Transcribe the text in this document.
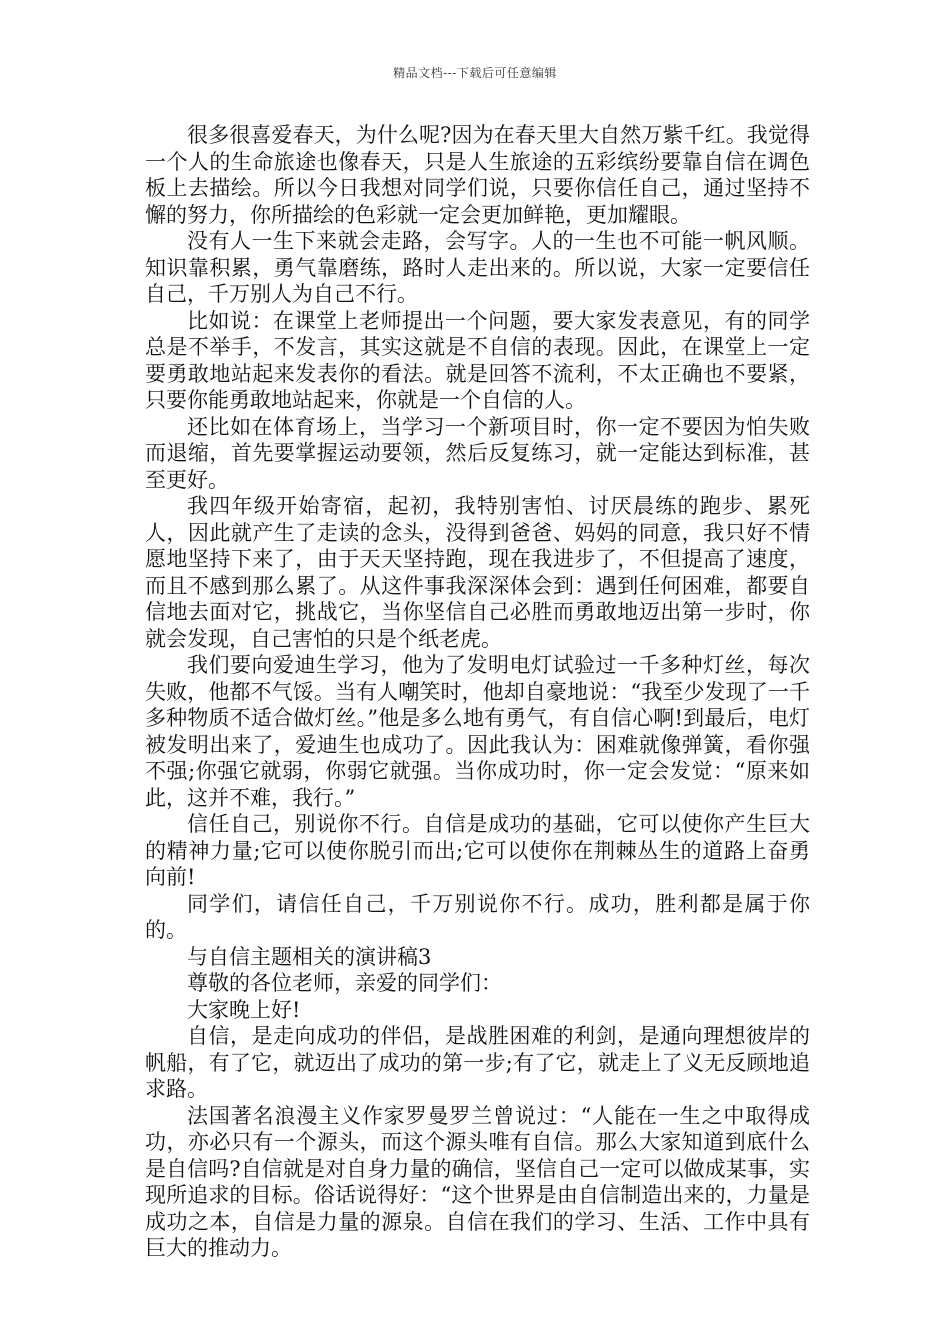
精品文档---下载后可任意编辑

很多很喜爱春天，为什么呢?因为在春天里大自然万紫千红。我觉得一个人的生命旅途也像春天，只是人生旅途的五彩缤纷要靠自信在调色板上去描绘。所以今日我想对同学们说，只要你信任自己，通过坚持不懈的努力，你所描绘的色彩就一定会更加鲜艳，更加耀眼。

没有人一生下来就会走路，会写字。人的一生也不可能一帆风顺。知识靠积累，勇气靠磨练，路时人走出来的。所以说，大家一定要信任自己，千万别人为自己不行。

比如说：在课堂上老师提出一个问题，要大家发表意见，有的同学总是不举手，不发言，其实这就是不自信的表现。因此，在课堂上一定要勇敢地站起来发表你的看法。就是回答不流利，不太正确也不要紧，只要你能勇敢地站起来，你就是一个自信的人。

还比如在体育场上，当学习一个新项目时，你一定不要因为怕失败而退缩，首先要掌握运动要领，然后反复练习，就一定能达到标准，甚至更好。

我四年级开始寄宿，起初，我特别害怕、讨厌晨练的跑步、累死人，因此就产生了走读的念头，没得到爸爸、妈妈的同意，我只好不情愿地坚持下来了，由于天天坚持跑，现在我进步了，不但提高了速度，而且不感到那么累了。从这件事我深深体会到：遇到任何困难，都要自信地去面对它，挑战它，当你坚信自己必胜而勇敢地迈出第一步时，你就会发现，自己害怕的只是个纸老虎。

我们要向爱迪生学习，他为了发明电灯试验过一千多种灯丝，每次失败，他都不气馁。当有人嘲笑时，他却自豪地说：“我至少发现了一千多种物质不适合做灯丝。”他是多么地有勇气，有自信心啊!到最后，电灯被发明出来了，爱迪生也成功了。因此我认为：困难就像弹簧，看你强不强;你强它就弱，你弱它就强。当你成功时，你一定会发觉：“原来如此，这并不难，我行。”

信任自己，别说你不行。自信是成功的基础，它可以使你产生巨大的精神力量;它可以使你脱引而出;它可以使你在荆棘丛生的道路上奋勇向前!

同学们，请信任自己，千万别说你不行。成功，胜利都是属于你的。

与自信主题相关的演讲稿3

尊敬的各位老师，亲爱的同学们：

大家晚上好!

自信，是走向成功的伴侣，是战胜困难的利剑，是通向理想彼岸的帆船，有了它，就迈出了成功的第一步;有了它，就走上了义无反顾地追求路。

法国著名浪漫主义作家罗曼罗兰曾说过：“人能在一生之中取得成功，亦必只有一个源头，而这个源头唯有自信。那么大家知道到底什么是自信吗?自信就是对自身力量的确信，坚信自己一定可以做成某事，实现所追求的目标。俗话说得好：“这个世界是由自信制造出来的，力量是成功之本，自信是力量的源泉。自信在我们的学习、生活、工作中具有巨大的推动力。
